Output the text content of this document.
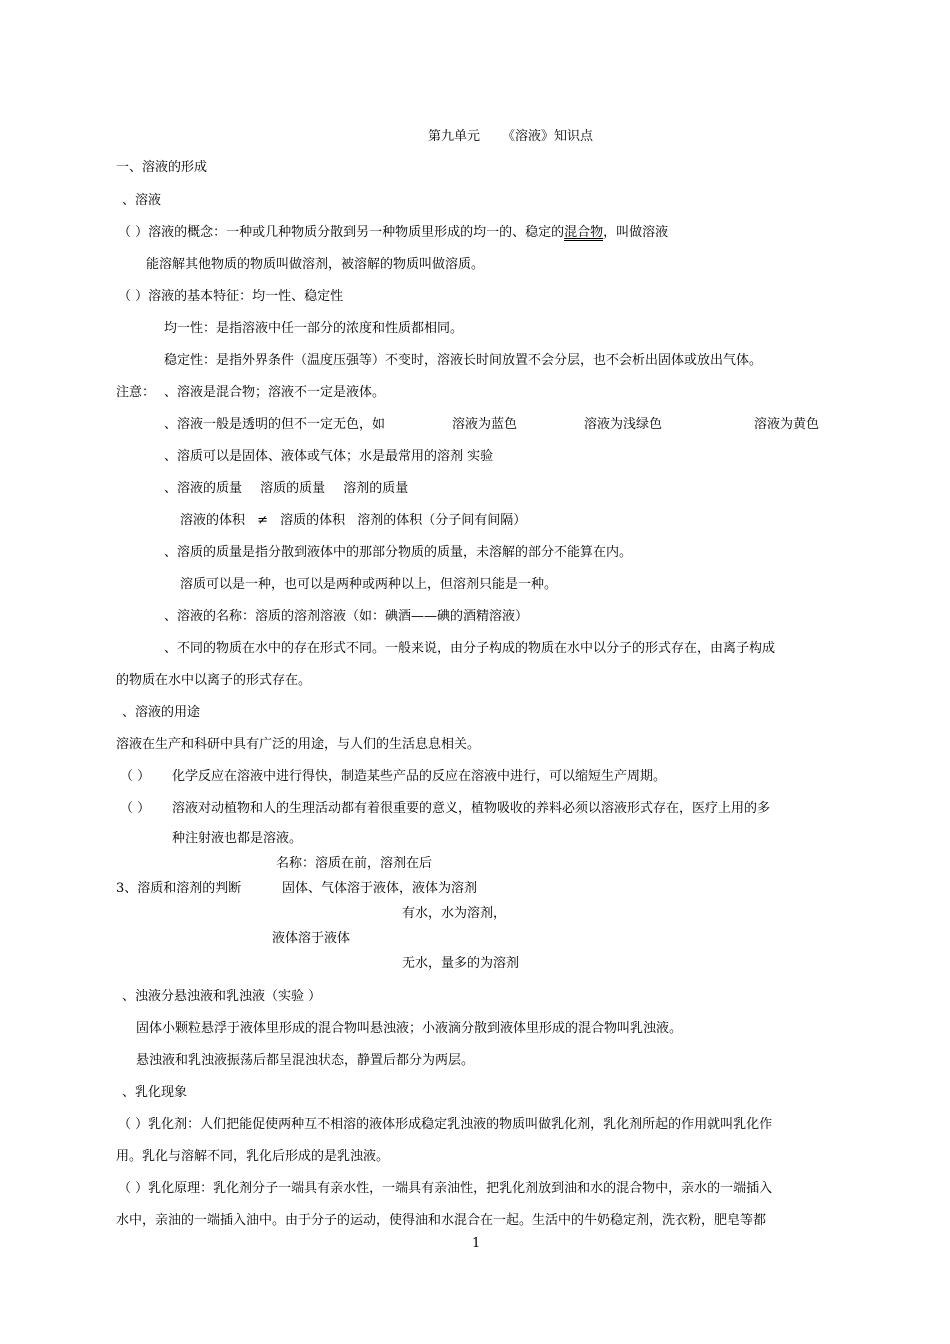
第九单元 《溶液》知识点
一、溶液的形成
、溶液
（ ）溶液的概念：一种或几种物质分散到另一种物质里形成的均一的、稳定的混合物，叫做溶液
能溶解其他物质的物质叫做溶剂，被溶解的物质叫做溶质。
（ ）溶液的基本特征：均一性、稳定性
均一性：是指溶液中任一部分的浓度和性质都相同。
稳定性：是指外界条件（温度压强等）不变时，溶液长时间放置不会分层，也不会析出固体或放出气体。
注意： 、溶液是混合物；溶液不一定是液体。
、溶液一般是透明的但不一定无色，如	溶液为蓝色	溶液为浅绿色	溶液为黄色
、溶质可以是固体、液体或气体；水是最常用的溶剂 实验
、溶液的质量 溶质的质量 溶剂的质量
溶液的体积 ≠ 溶质的体积 溶剂的体积（分子间有间隔）
、溶质的质量是指分散到液体中的那部分物质的质量，未溶解的部分不能算在内。
溶质可以是一种，也可以是两种或两种以上，但溶剂只能是一种。
、溶液的名称：溶质的溶剂溶液（如：碘酒——碘的酒精溶液）
、不同的物质在水中的存在形式不同。一般来说，由分子构成的物质在水中以分子的形式存在，由离子构成
的物质在水中以离子的形式存在。
、溶液的用途
溶液在生产和科研中具有广泛的用途，与人们的生活息息相关。
（ ） 化学反应在溶液中进行得快，制造某些产品的反应在溶液中进行，可以缩短生产周期。
（ ） 溶液对动植物和人的生理活动都有着很重要的意义，植物吸收的养料必须以溶液形式存在，医疗上用的多
种注射液也都是溶液。
名称：溶质在前，溶剂在后
3、溶质和溶剂的判断	固体、气体溶于液体，液体为溶剂
有水，水为溶剂，
液体溶于液体
无水，量多的为溶剂
、浊液分悬浊液和乳浊液（实验 ）
固体小颗粒悬浮于液体里形成的混合物叫悬浊液；小液滴分散到液体里形成的混合物叫乳浊液。
悬浊液和乳浊液振荡后都呈混浊状态，静置后都分为两层。
、乳化现象
（ ）乳化剂：人们把能促使两种互不相溶的液体形成稳定乳浊液的物质叫做乳化剂，乳化剂所起的作用就叫乳化作
用。乳化与溶解不同，乳化后形成的是乳浊液。
（ ）乳化原理：乳化剂分子一端具有亲水性，一端具有亲油性，把乳化剂放到油和水的混合物中，亲水的一端插入
水中，亲油的一端插入油中。由于分子的运动，使得油和水混合在一起。生活中的牛奶稳定剂，洗衣粉，肥皂等都
1
